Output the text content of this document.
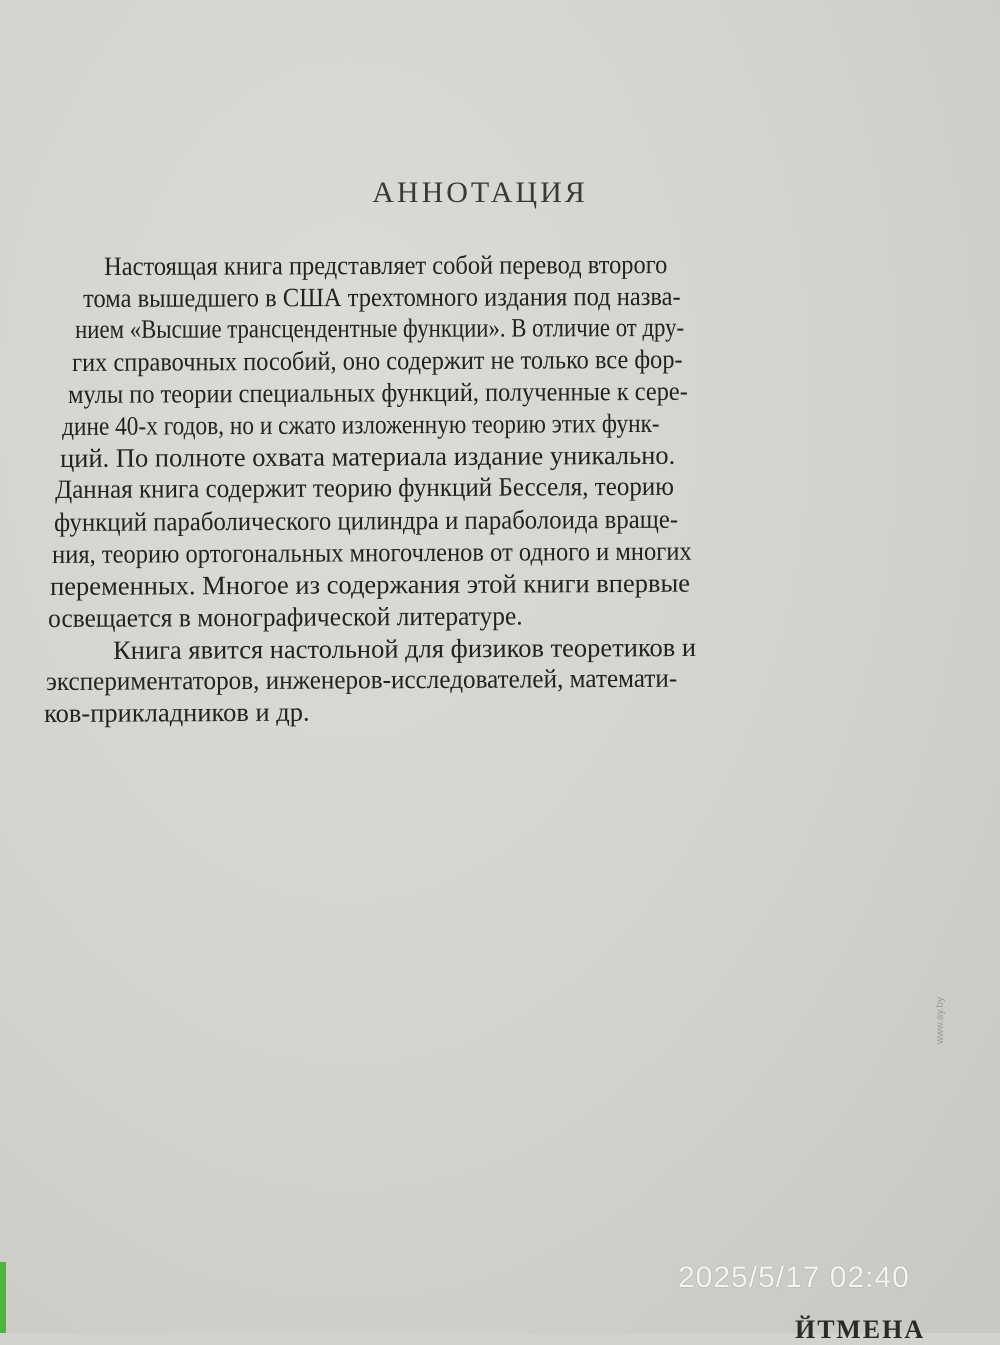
АННОТАЦИЯ
Настоящая книга представляет собой перевод второго
тома вышедшего в США трехтомного издания под назва-
нием «Высшие трансцендентные функции». В отличие от дру-
гих справочных пособий, оно содержит не только все фор-
мулы по теории специальных функций, полученные к сере-
дине 40-х годов, но и сжато изложенную теорию этих функ-
ций. По полноте охвата материала издание уникально.
Данная книга содержит теорию функций Бесселя, теорию
функций параболического цилиндра и параболоида враще-
ния, теорию ортогональных многочленов от одного и многих
переменных. Многое из содержания этой книги впервые
освещается в монографической литературе.
Книга явится настольной для физиков теоретиков и
экспериментаторов, инженеров-исследователей, математи-
ков-прикладников и др.
www.ay.by
2025/5/17 02:40
ЙТМЕНА
